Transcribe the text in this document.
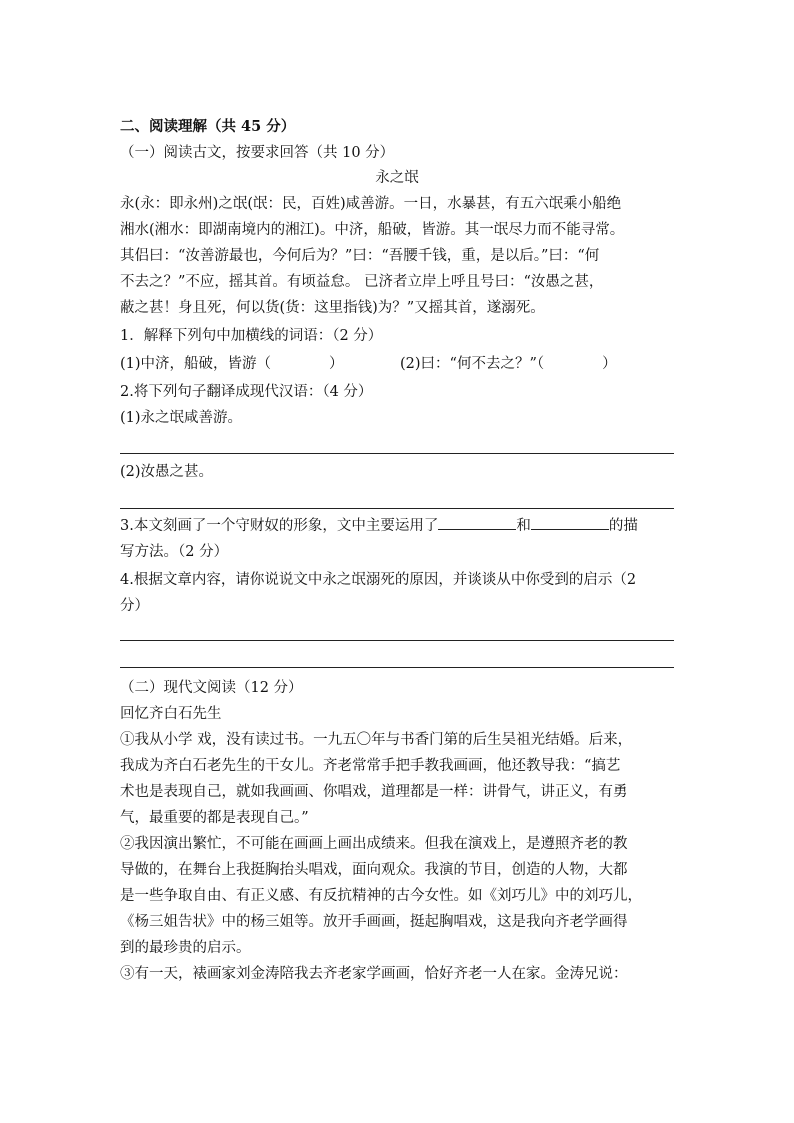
二、阅读理解（共 45 分）
（一）阅读古文，按要求回答（共 10 分）
永之氓
永(永：即永州)之氓(氓：民，百姓)咸善游。一日，水暴甚，有五六氓乘小船绝
湘水(湘水：即湖南境内的湘江)。中济，船破，皆游。其一氓尽力而不能寻常。
其侣曰：“汝善游最也，今何后为？”曰：“吾腰千钱，重，是以后。”曰：“何
不去之？”不应，摇其首。有顷益怠。 已济者立岸上呼且号曰：“汝愚之甚，
蔽之甚！身且死，何以货(货：这里指钱)为？”又摇其首，遂溺死。
1．解释下列句中加横线的词语：（2 分）
(1)中济，船破，皆游（	）	(2)曰：“何不去之？”（	）
2.将下列句子翻译成现代汉语：（4 分）
(1)永之氓咸善游。
(2)汝愚之甚。
3.本文刻画了一个守财奴的形象，文中主要运用了	和	的描
写方法。（2 分）
4.根据文章内容，请你说说文中永之氓溺死的原因，并谈谈从中你受到的启示（2
分）
（二）现代文阅读（12 分）
回忆齐白石先生
①我从小学 戏，没有读过书。一九五〇年与书香门第的后生吴祖光结婚。后来，
我成为齐白石老先生的干女儿。齐老常常手把手教我画画，他还教导我：“搞艺
术也是表现自己，就如我画画、你唱戏，道理都是一样：讲骨气，讲正义，有勇
气，最重要的都是表现自己。”
②我因演出繁忙，不可能在画画上画出成绩来。但我在演戏上，是遵照齐老的教
导做的，在舞台上我挺胸抬头唱戏，面向观众。我演的节目，创造的人物，大都
是一些争取自由、有正义感、有反抗精神的古今女性。如《刘巧儿》中的刘巧儿，
《杨三姐告状》中的杨三姐等。放开手画画，挺起胸唱戏，这是我向齐老学画得
到的最珍贵的启示。
③有一天，裱画家刘金涛陪我去齐老家学画画，恰好齐老一人在家。金涛兄说：
